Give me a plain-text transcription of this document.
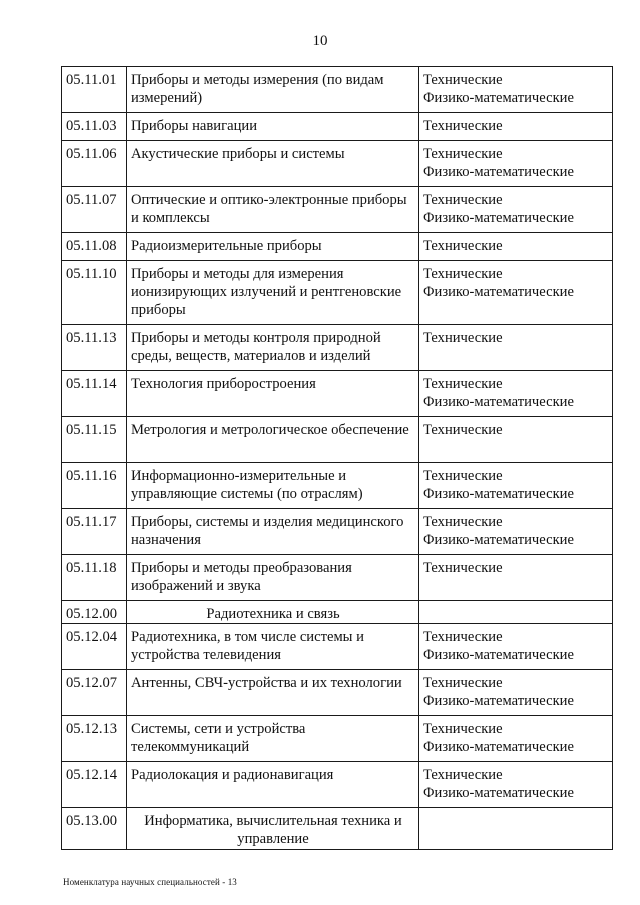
10
05.11.01	Приборы и методы измерения (по видам измерений)	Технические
Физико-математические

05.11.03	Приборы навигации	Технические

05.11.06	Акустические приборы и системы	Технические
Физико-математические

05.11.07	Оптические и оптико-электронные приборы и комплексы	Технические
Физико-математические

05.11.08	Радиоизмерительные приборы	Технические

05.11.10	Приборы и методы для измерения ионизирующих излучений и рентгеновские приборы	Технические
Физико-математические

05.11.13	Приборы и методы контроля природной среды, веществ, материалов и изделий	Технические

05.11.14	Технология приборостроения	Технические
Физико-математические

05.11.15	Метрология и метрологическое обеспечение	Технические

05.11.16	Информационно-измерительные и управляющие системы (по отраслям)	Технические
Физико-математические

05.11.17	Приборы, системы и изделия медицинского назначения	Технические
Физико-математические

05.11.18	Приборы и методы преобразования изображений и звука	Технические

05.12.00	Радиотехника и связь	
05.12.04	Радиотехника, в том числе системы и устройства телевидения	Технические
Физико-математические

05.12.07	Антенны, СВЧ-устройства и их технологии	Технические
Физико-математические

05.12.13	Системы, сети и устройства телекоммуникаций	Технические
Физико-математические

05.12.14	Радиолокация и радионавигация	Технические
Физико-математические

05.13.00	Информатика, вычислительная техника и управление	
Номенклатура научных специальностей - 13
